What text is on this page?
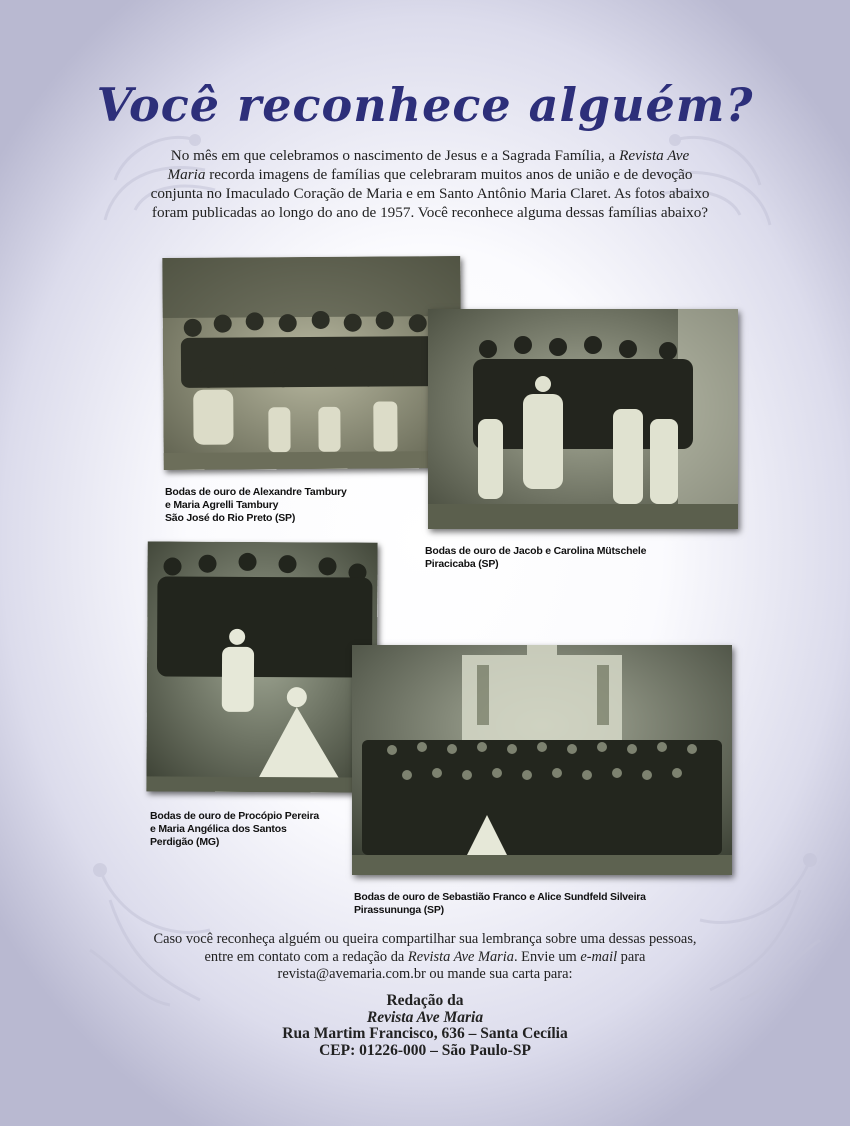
Você reconhece alguém?

No mês em que celebramos o nascimento de Jesus e a Sagrada Família, a Revista Ave Maria recorda imagens de famílias que celebraram muitos anos de união e de devoção conjunta no Imaculado Coração de Maria e em Santo Antônio Maria Claret. As fotos abaixo foram publicadas ao longo do ano de 1957. Você reconhece alguma dessas famílias abaixo?

Bodas de ouro de Alexandre Tambury
e Maria Agrelli Tambury
São José do Rio Preto (SP)

Bodas de ouro de Jacob e Carolina Mütschele
Piracicaba (SP)

Bodas de ouro de Procópio Pereira
e Maria Angélica dos Santos
Perdigão (MG)

Bodas de ouro de Sebastião Franco e Alice Sundfeld Silveira
Pirassununga (SP)

Caso você reconheça alguém ou queira compartilhar sua lembrança sobre uma dessas pessoas, entre em contato com a redação da Revista Ave Maria. Envie um e-mail para revista@avemaria.com.br ou mande sua carta para:

Redação da
Revista Ave Maria
Rua Martim Francisco, 636 – Santa Cecília
CEP: 01226-000 – São Paulo-SP
